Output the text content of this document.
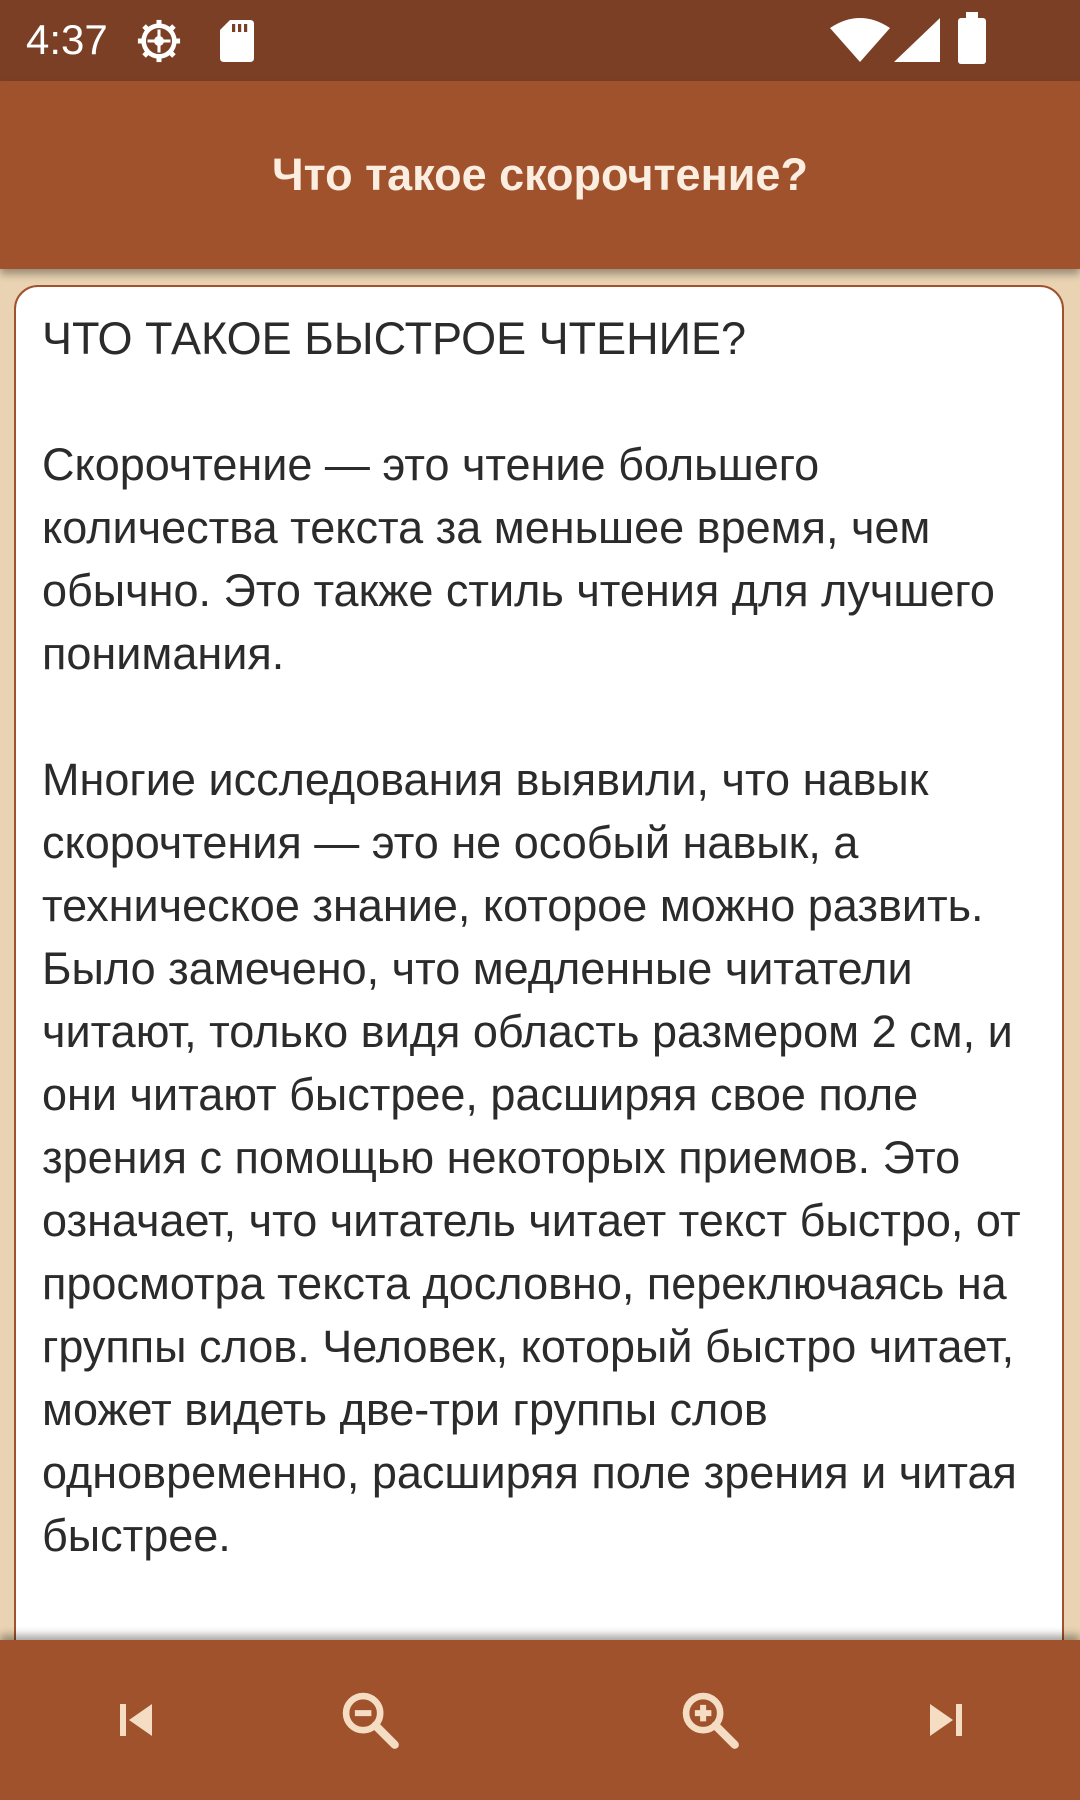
4:37
Что такое скорочтение?

ЧТО ТАКОЕ БЫСТРОЕ ЧТЕНИЕ?

Скорочтение — это чтение большего количества текста за меньшее время, чем обычно. Это также стиль чтения для лучшего понимания.

Многие исследования выявили, что навык скорочтения — это не особый навык, а техническое знание, которое можно развить. Было замечено, что медленные читатели читают, только видя область размером 2 см, и они читают быстрее, расширяя свое поле зрения с помощью некоторых приемов. Это означает, что читатель читает текст быстро, от просмотра текста дословно, переключаясь на группы слов. Человек, который быстро читает, может видеть две-три группы слов одновременно, расширяя поле зрения и читая быстрее.
